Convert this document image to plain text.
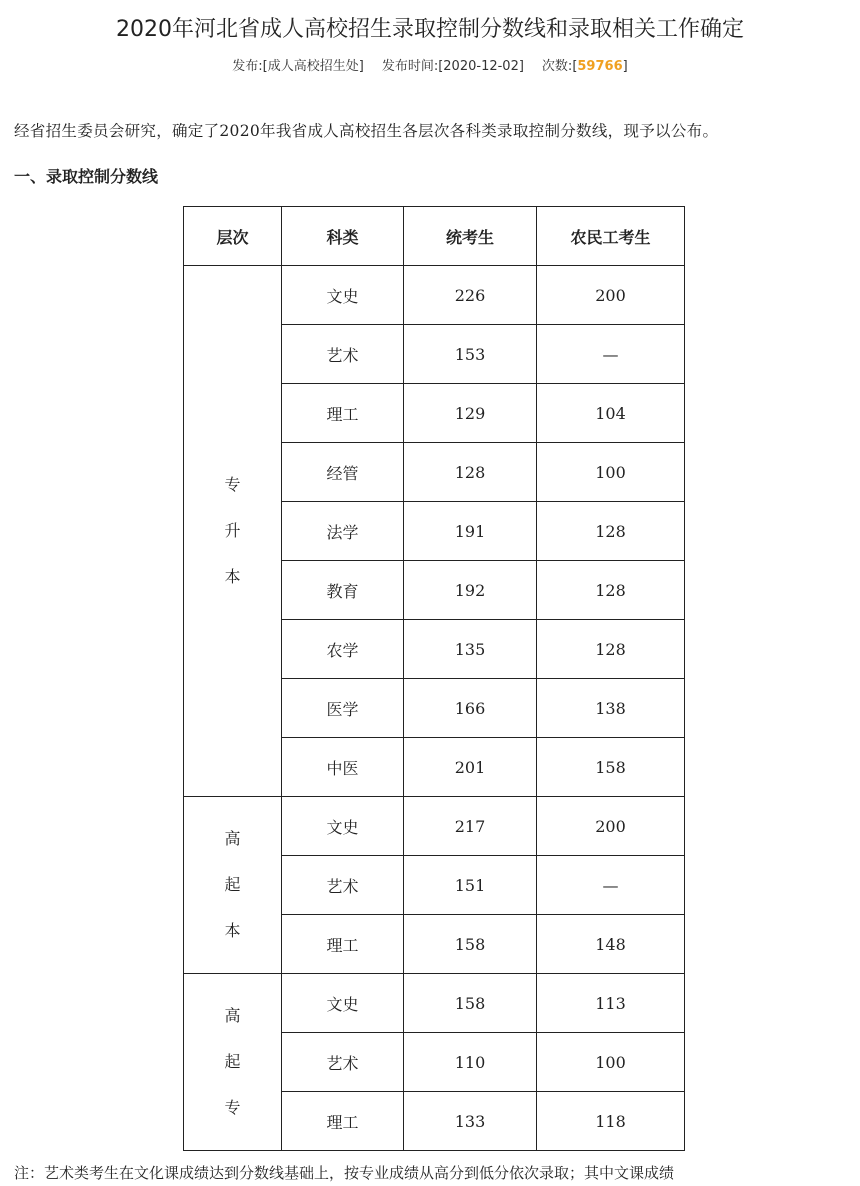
2020年河北省成人高校招生录取控制分数线和录取相关工作确定
发布:[成人高校招生处] 发布时间:[2020-12-02] 次数:[59766]
经省招生委员会研究，确定了2020年我省成人高校招生各层次各科类录取控制分数线，现予以公布。
一、录取控制分数线
层次	科类	统考生	农民工考生

专
升
本	文史	226	200
	艺术	153	—
	理工	129	104
	经管	128	100
	法学	191	128
	教育	192	128
	农学	135	128
	医学	166	138
	中医	201	158

高
起
本	文史	217	200
	艺术	151	—
	理工	158	148

高
起
专	文史	158	113
	艺术	110	100
	理工	133	118
注：艺术类考生在文化课成绩达到分数线基础上，按专业成绩从高分到低分依次录取；其中文课成绩
